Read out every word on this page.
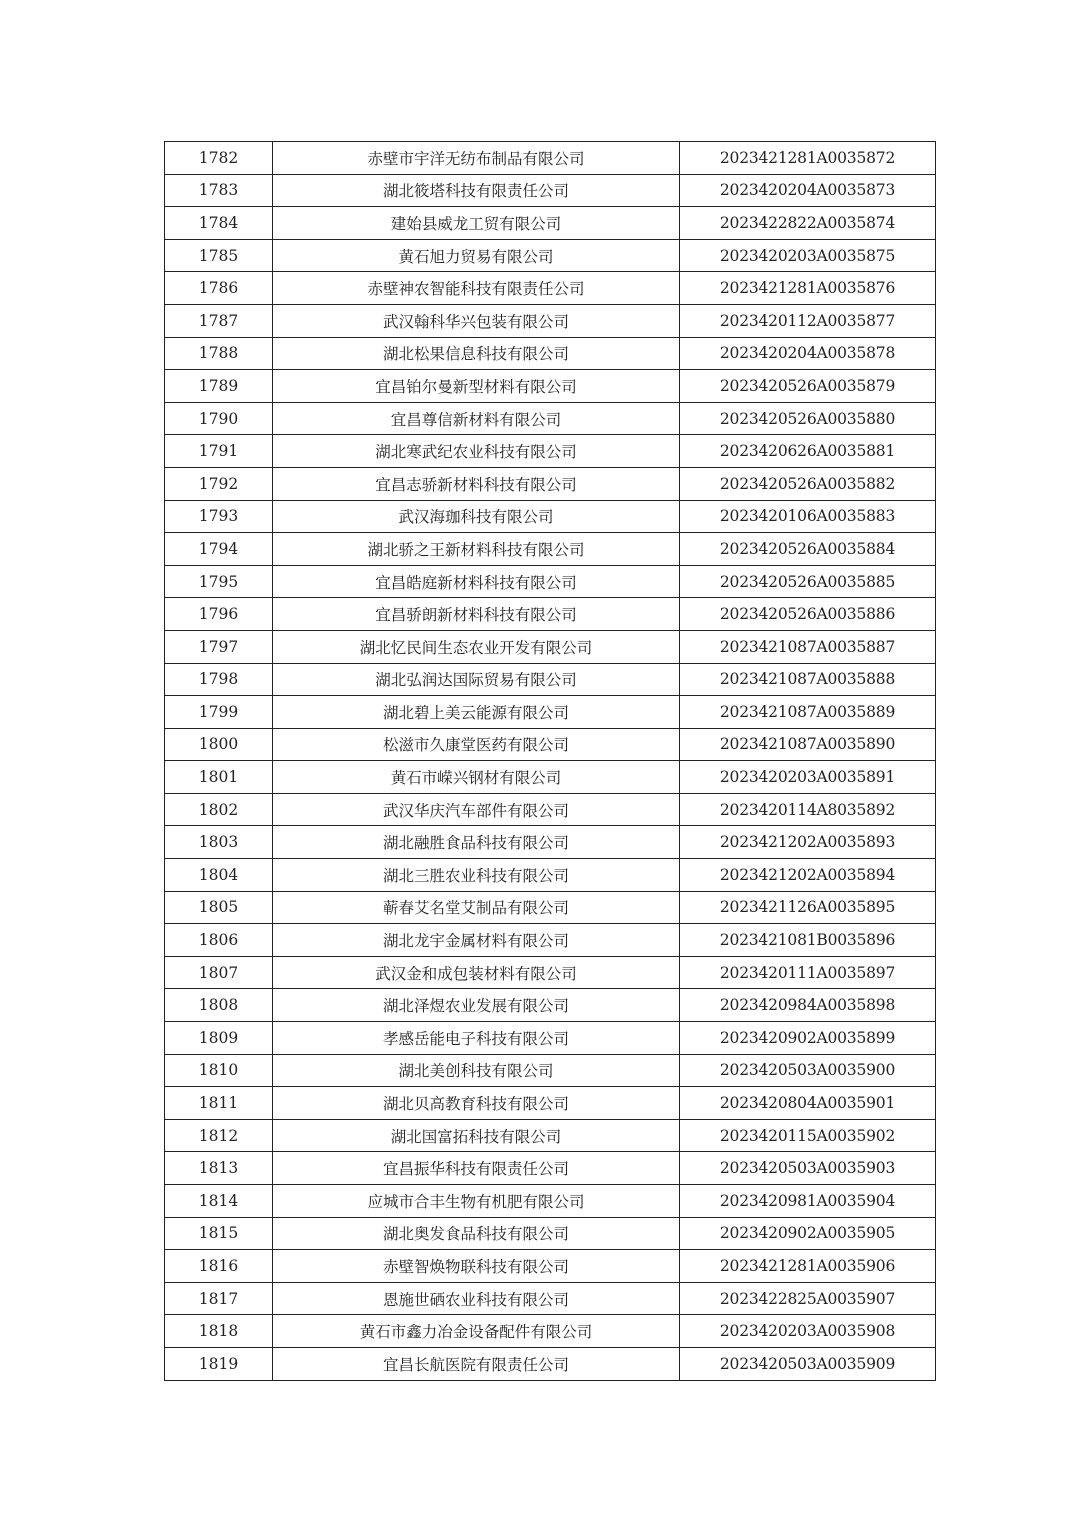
1782	赤壁市宇洋无纺布制品有限公司	2023421281A0035872
1783	湖北筱塔科技有限责任公司	2023420204A0035873
1784	建始县威龙工贸有限公司	2023422822A0035874
1785	黄石旭力贸易有限公司	2023420203A0035875
1786	赤壁神农智能科技有限责任公司	2023421281A0035876
1787	武汉翰科华兴包装有限公司	2023420112A0035877
1788	湖北松果信息科技有限公司	2023420204A0035878
1789	宜昌铂尔曼新型材料有限公司	2023420526A0035879
1790	宜昌尊信新材料有限公司	2023420526A0035880
1791	湖北寒武纪农业科技有限公司	2023420626A0035881
1792	宜昌志骄新材料科技有限公司	2023420526A0035882
1793	武汉海珈科技有限公司	2023420106A0035883
1794	湖北骄之王新材料科技有限公司	2023420526A0035884
1795	宜昌皓庭新材料科技有限公司	2023420526A0035885
1796	宜昌骄朗新材料科技有限公司	2023420526A0035886
1797	湖北忆民间生态农业开发有限公司	2023421087A0035887
1798	湖北弘润达国际贸易有限公司	2023421087A0035888
1799	湖北碧上美云能源有限公司	2023421087A0035889
1800	松滋市久康堂医药有限公司	2023421087A0035890
1801	黄石市嵘兴钢材有限公司	2023420203A0035891
1802	武汉华庆汽车部件有限公司	2023420114A8035892
1803	湖北融胜食品科技有限公司	2023421202A0035893
1804	湖北三胜农业科技有限公司	2023421202A0035894
1805	蕲春艾名堂艾制品有限公司	2023421126A0035895
1806	湖北龙宇金属材料有限公司	2023421081B0035896
1807	武汉金和成包装材料有限公司	2023420111A0035897
1808	湖北泽煜农业发展有限公司	2023420984A0035898
1809	孝感岳能电子科技有限公司	2023420902A0035899
1810	湖北美创科技有限公司	2023420503A0035900
1811	湖北贝高教育科技有限公司	2023420804A0035901
1812	湖北国富拓科技有限公司	2023420115A0035902
1813	宜昌振华科技有限责任公司	2023420503A0035903
1814	应城市合丰生物有机肥有限公司	2023420981A0035904
1815	湖北奥发食品科技有限公司	2023420902A0035905
1816	赤壁智焕物联科技有限公司	2023421281A0035906
1817	恩施世硒农业科技有限公司	2023422825A0035907
1818	黄石市鑫力冶金设备配件有限公司	2023420203A0035908
1819	宜昌长航医院有限责任公司	2023420503A0035909
